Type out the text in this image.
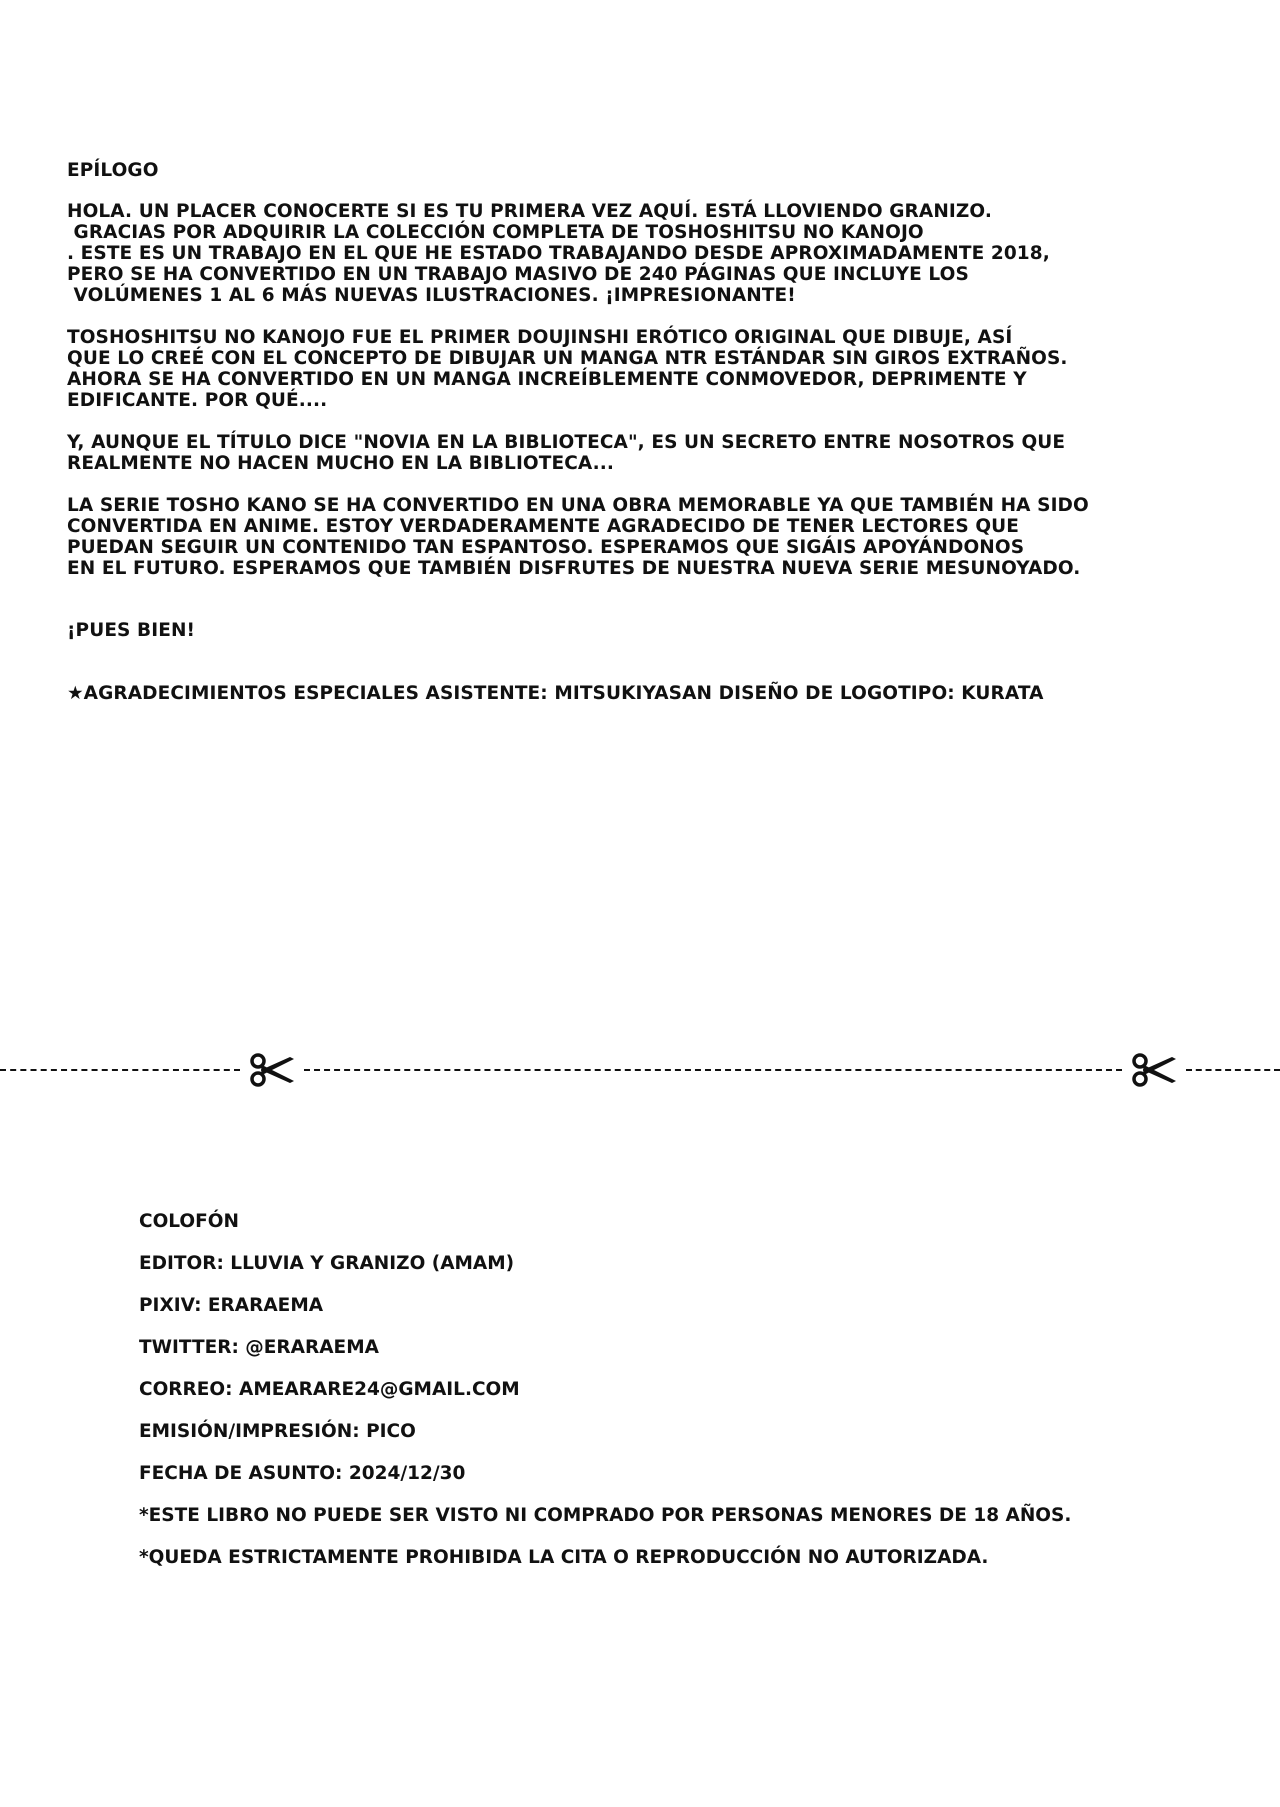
EPÍLOGO
HOLA. UN PLACER CONOCERTE SI ES TU PRIMERA VEZ AQUÍ. ESTÁ LLOVIENDO GRANIZO.
GRACIAS POR ADQUIRIR LA COLECCIÓN COMPLETA DE TOSHOSHITSU NO KANOJO
. ESTE ES UN TRABAJO EN EL QUE HE ESTADO TRABAJANDO DESDE APROXIMADAMENTE 2018,
PERO SE HA CONVERTIDO EN UN TRABAJO MASIVO DE 240 PÁGINAS QUE INCLUYE LOS
VOLÚMENES 1 AL 6 MÁS NUEVAS ILUSTRACIONES. ¡IMPRESIONANTE!
TOSHOSHITSU NO KANOJO FUE EL PRIMER DOUJINSHI ERÓTICO ORIGINAL QUE DIBUJE, ASÍ
QUE LO CREÉ CON EL CONCEPTO DE DIBUJAR UN MANGA NTR ESTÁNDAR SIN GIROS EXTRAÑOS.
AHORA SE HA CONVERTIDO EN UN MANGA INCREÍBLEMENTE CONMOVEDOR, DEPRIMENTE Y
EDIFICANTE. POR QUÉ....
Y, AUNQUE EL TÍTULO DICE "NOVIA EN LA BIBLIOTECA", ES UN SECRETO ENTRE NOSOTROS QUE
REALMENTE NO HACEN MUCHO EN LA BIBLIOTECA...
LA SERIE TOSHO KANO SE HA CONVERTIDO EN UNA OBRA MEMORABLE YA QUE TAMBIÉN HA SIDO
CONVERTIDA EN ANIME. ESTOY VERDADERAMENTE AGRADECIDO DE TENER LECTORES QUE
PUEDAN SEGUIR UN CONTENIDO TAN ESPANTOSO. ESPERAMOS QUE SIGÁIS APOYÁNDONOS
EN EL FUTURO. ESPERAMOS QUE TAMBIÉN DISFRUTES DE NUESTRA NUEVA SERIE MESUNOYADO.
¡PUES BIEN!
★AGRADECIMIENTOS ESPECIALES ASISTENTE: MITSUKIYASAN DISEÑO DE LOGOTIPO: KURATA
COLOFÓN
EDITOR: LLUVIA Y GRANIZO (AMAM)
PIXIV: ERARAEMA
TWITTER: @ERARAEMA
CORREO: AMEARARE24@GMAIL.COM
EMISIÓN/IMPRESIÓN: PICO
FECHA DE ASUNTO: 2024/12/30
*ESTE LIBRO NO PUEDE SER VISTO NI COMPRADO POR PERSONAS MENORES DE 18 AÑOS.
*QUEDA ESTRICTAMENTE PROHIBIDA LA CITA O REPRODUCCIÓN NO AUTORIZADA.
